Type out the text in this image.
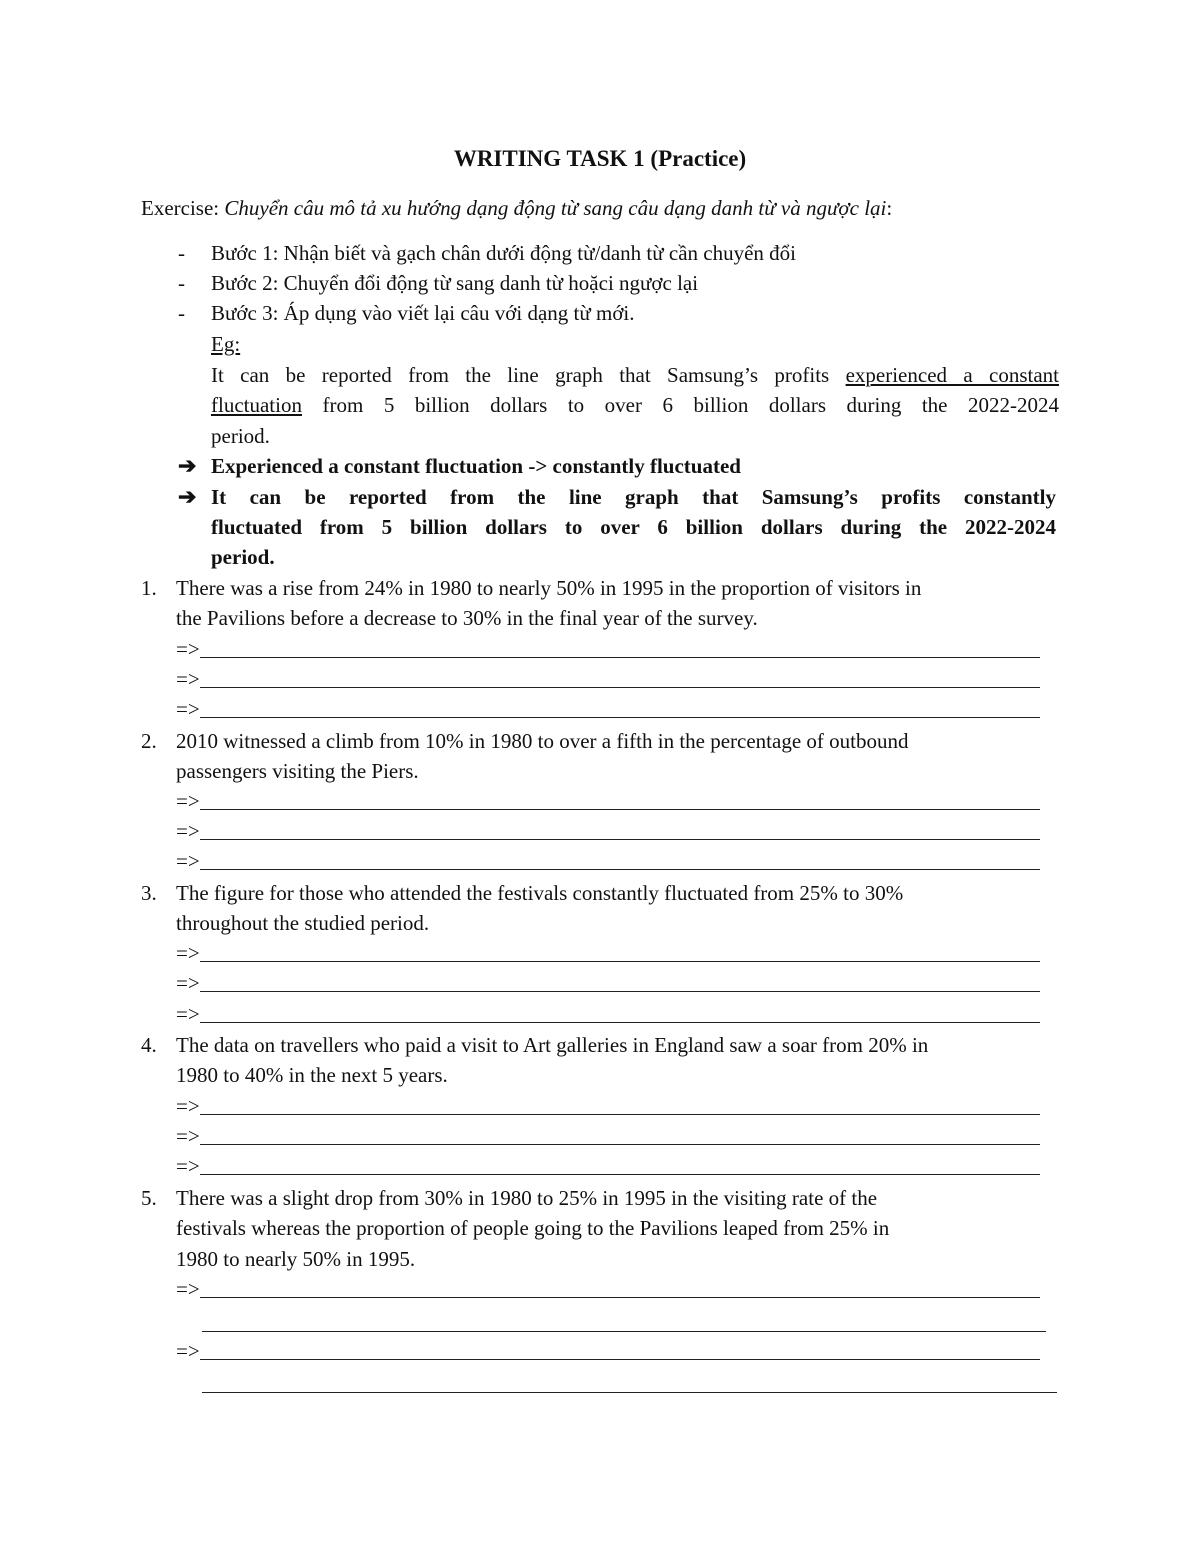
WRITING TASK 1 (Practice)
Exercise: Chuyển câu mô tả xu hướng dạng động từ sang câu dạng danh từ và ngược lại:
- Bước 1: Nhận biết và gạch chân dưới động từ/danh từ cần chuyển đổi
- Bước 2: Chuyển đổi động từ sang danh từ hoặci ngược lại
- Bước 3: Áp dụng vào viết lại câu với dạng từ mới.
Eg:
It can be reported from the line graph that Samsung’s profits experienced a constant
fluctuation from 5 billion dollars to over 6 billion dollars during the 2022-2024
period.
➔ Experienced a constant fluctuation -> constantly fluctuated
➔ It can be reported from the line graph that Samsung’s profits constantly
fluctuated from 5 billion dollars to over 6 billion dollars during the 2022-2024
period.
1. There was a rise from 24% in 1980 to nearly 50% in 1995 in the proportion of visitors in
the Pavilions before a decrease to 30% in the final year of the survey.
=>
=>
=>
2. 2010 witnessed a climb from 10% in 1980 to over a fifth in the percentage of outbound
passengers visiting the Piers.
=>
=>
=>
3. The figure for those who attended the festivals constantly fluctuated from 25% to 30%
throughout the studied period.
=>
=>
=>
4. The data on travellers who paid a visit to Art galleries in England saw a soar from 20% in
1980 to 40% in the next 5 years.
=>
=>
=>
5. There was a slight drop from 30% in 1980 to 25% in 1995 in the visiting rate of the
festivals whereas the proportion of people going to the Pavilions leaped from 25% in
1980 to nearly 50% in 1995.
=>
=>
